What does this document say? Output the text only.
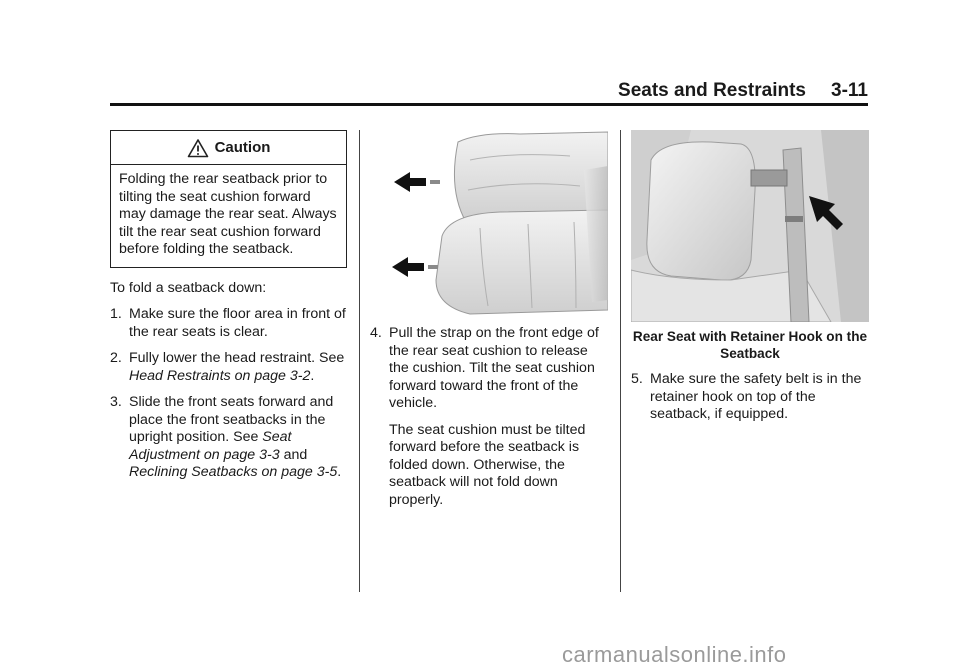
Seats and Restraints 3-11
Caution
Folding the rear seatback prior to tilting the seat cushion forward may damage the rear seat. Always tilt the rear seat cushion forward before folding the seatback.

To fold a seatback down:

1. Make sure the floor area in front of the rear seats is clear.
2. Fully lower the head restraint. See Head Restraints on page 3-2.
3. Slide the front seats forward and place the front seatbacks in the upright position. See Seat Adjustment on page 3-3 and Reclining Seatbacks on page 3-5.
4. Pull the strap on the front edge of the rear seat cushion to release the cushion. Tilt the seat cushion forward toward the front of the vehicle.

The seat cushion must be tilted forward before the seatback is folded down. Otherwise, the seatback will not fold down properly.

Rear Seat with Retainer Hook on the Seatback
5. Make sure the safety belt is in the retainer hook on top of the seatback, if equipped.
carmanualsonline.info
